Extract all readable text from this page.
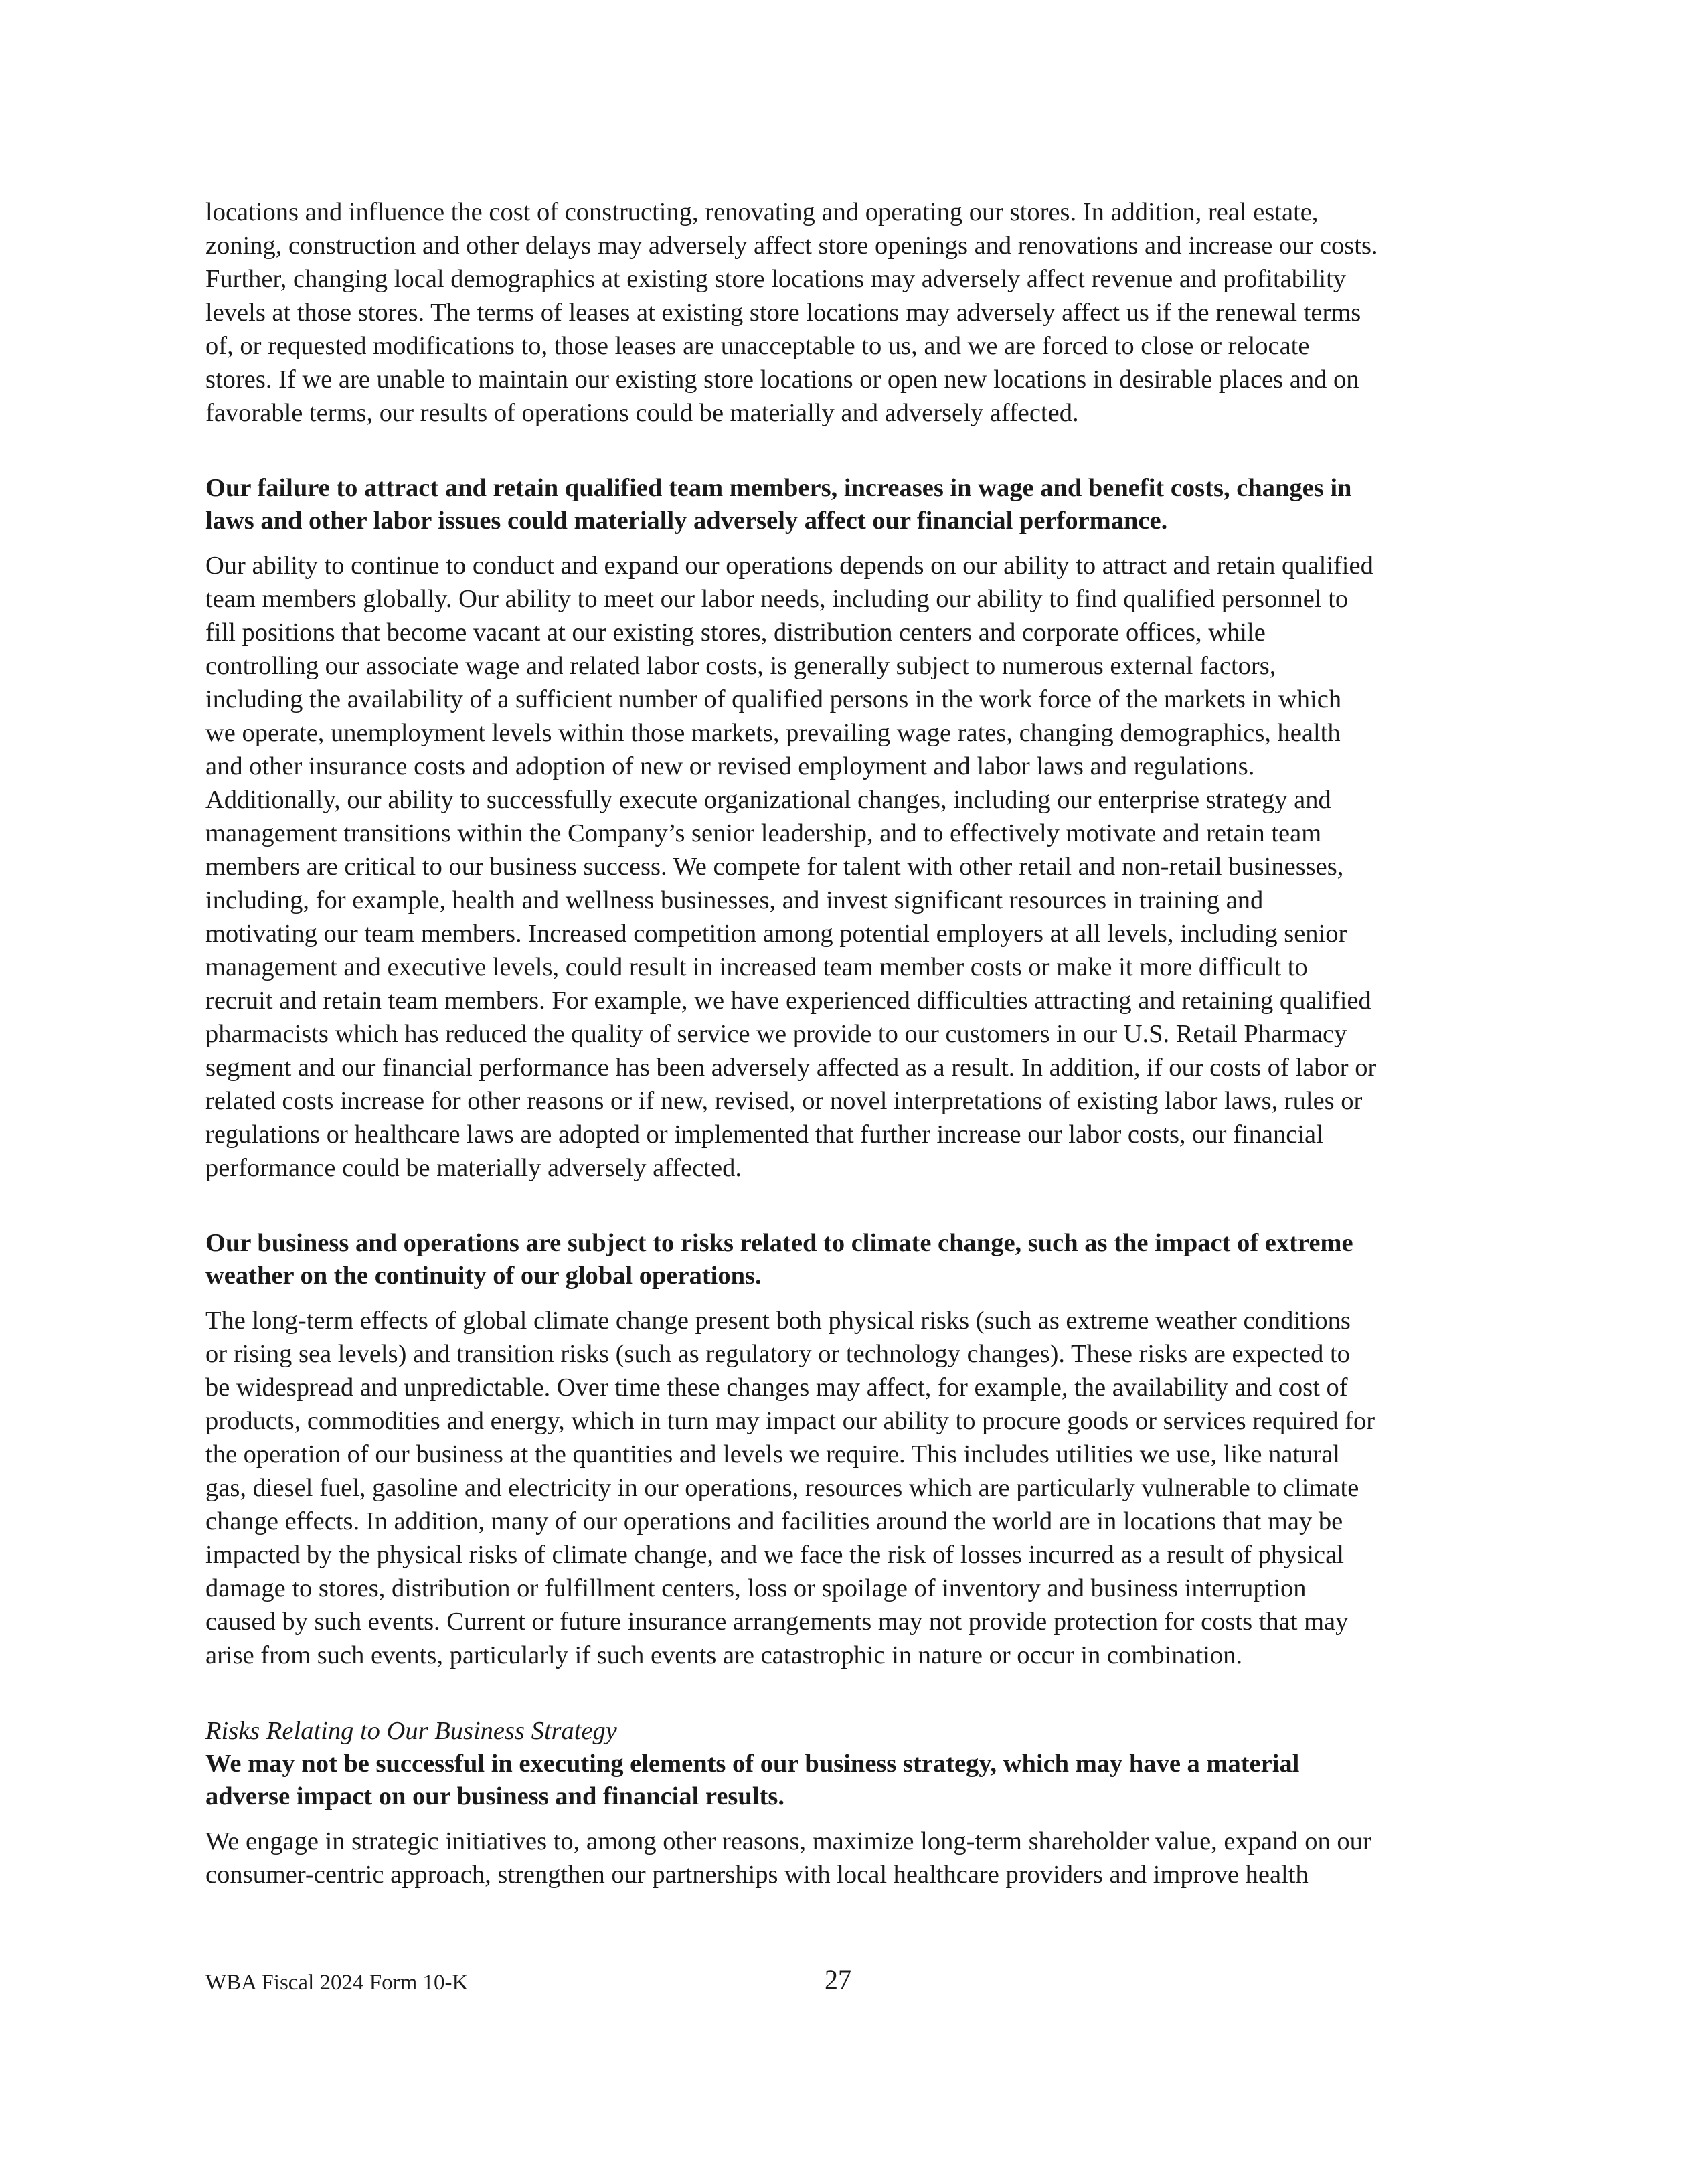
locations and influence the cost of constructing, renovating and operating our stores. In addition, real estate,
zoning, construction and other delays may adversely affect store openings and renovations and increase our costs.
Further, changing local demographics at existing store locations may adversely affect revenue and profitability
levels at those stores. The terms of leases at existing store locations may adversely affect us if the renewal terms
of, or requested modifications to, those leases are unacceptable to us, and we are forced to close or relocate
stores. If we are unable to maintain our existing store locations or open new locations in desirable places and on
favorable terms, our results of operations could be materially and adversely affected.

Our failure to attract and retain qualified team members, increases in wage and benefit costs, changes in
laws and other labor issues could materially adversely affect our financial performance.

Our ability to continue to conduct and expand our operations depends on our ability to attract and retain qualified
team members globally. Our ability to meet our labor needs, including our ability to find qualified personnel to
fill positions that become vacant at our existing stores, distribution centers and corporate offices, while
controlling our associate wage and related labor costs, is generally subject to numerous external factors,
including the availability of a sufficient number of qualified persons in the work force of the markets in which
we operate, unemployment levels within those markets, prevailing wage rates, changing demographics, health
and other insurance costs and adoption of new or revised employment and labor laws and regulations.
Additionally, our ability to successfully execute organizational changes, including our enterprise strategy and
management transitions within the Company’s senior leadership, and to effectively motivate and retain team
members are critical to our business success. We compete for talent with other retail and non-retail businesses,
including, for example, health and wellness businesses, and invest significant resources in training and
motivating our team members. Increased competition among potential employers at all levels, including senior
management and executive levels, could result in increased team member costs or make it more difficult to
recruit and retain team members. For example, we have experienced difficulties attracting and retaining qualified
pharmacists which has reduced the quality of service we provide to our customers in our U.S. Retail Pharmacy
segment and our financial performance has been adversely affected as a result. In addition, if our costs of labor or
related costs increase for other reasons or if new, revised, or novel interpretations of existing labor laws, rules or
regulations or healthcare laws are adopted or implemented that further increase our labor costs, our financial
performance could be materially adversely affected.

Our business and operations are subject to risks related to climate change, such as the impact of extreme
weather on the continuity of our global operations.

The long-term effects of global climate change present both physical risks (such as extreme weather conditions
or rising sea levels) and transition risks (such as regulatory or technology changes). These risks are expected to
be widespread and unpredictable. Over time these changes may affect, for example, the availability and cost of
products, commodities and energy, which in turn may impact our ability to procure goods or services required for
the operation of our business at the quantities and levels we require. This includes utilities we use, like natural
gas, diesel fuel, gasoline and electricity in our operations, resources which are particularly vulnerable to climate
change effects. In addition, many of our operations and facilities around the world are in locations that may be
impacted by the physical risks of climate change, and we face the risk of losses incurred as a result of physical
damage to stores, distribution or fulfillment centers, loss or spoilage of inventory and business interruption
caused by such events. Current or future insurance arrangements may not provide protection for costs that may
arise from such events, particularly if such events are catastrophic in nature or occur in combination.

Risks Relating to Our Business Strategy

We may not be successful in executing elements of our business strategy, which may have a material
adverse impact on our business and financial results.

We engage in strategic initiatives to, among other reasons, maximize long-term shareholder value, expand on our
consumer-centric approach, strengthen our partnerships with local healthcare providers and improve health

WBA Fiscal 2024 Form 10-K	27
